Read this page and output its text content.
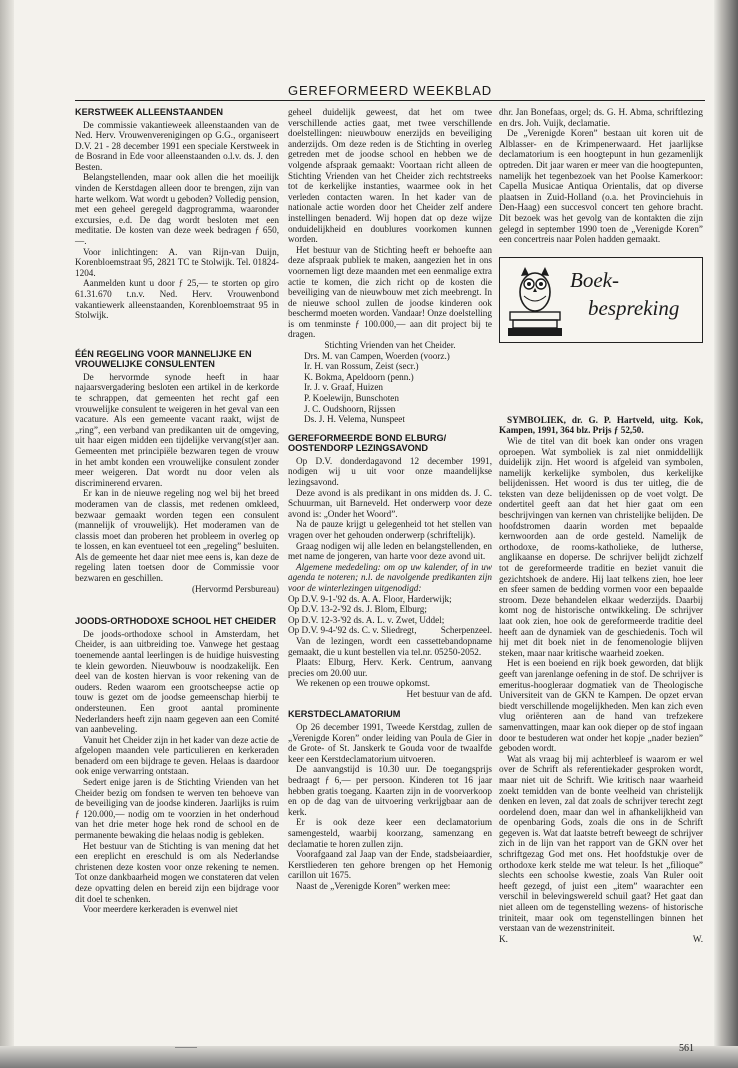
GEREFORMEERD WEEKBLAD
KERSTWEEK ALLEENSTAANDEN

De commissie vakantieweek alleenstaanden van de Ned. Herv. Vrouwenverenigingen op G.G., organiseert D.V. 21 - 28 december 1991 een speciale Kerstweek in de Bosrand in Ede voor alleenstaanden o.l.v. ds. J. den Besten.

Belangstellenden, maar ook allen die het moeilijk vinden de Kerstdagen alleen door te brengen, zijn van harte welkom. Wat wordt u geboden? Volledig pension, met een geheel geregeld dagprogramma, waaronder excursies, e.d. De dag wordt besloten met een meditatie. De kosten van deze week bedragen ƒ 650,—.

Voor inlichtingen: A. van Rijn-van Duijn, Korenbloemstraat 95, 2821 TC te Stolwijk. Tel. 01824-1204.

Aanmelden kunt u door ƒ 25,— te storten op giro 61.31.670 t.n.v. Ned. Herv. Vrouwenbond vakantiewerk alleenstaanden, Korenbloemstraat 95 in Stolwijk.

ÉÉN REGELING VOOR MANNELIJKE EN VROUWELIJKE CONSULENTEN

De hervormde synode heeft in haar najaarsvergadering besloten een artikel in de kerkorde te schrappen, dat gemeenten het recht gaf een vrouwelijke consulent te weigeren in het geval van een vacature. Als een gemeente vacant raakt, wijst de „ring”, een verband van predikanten uit de omgeving, uit haar eigen midden een tijdelijke vervang(st)er aan. Gemeenten met principiële bezwaren tegen de vrouw in het ambt konden een vrouwelijke consulent zonder meer weigeren. Dat wordt nu door velen als discriminerend ervaren.

Er kan in de nieuwe regeling nog wel bij het breed moderamen van de classis, met redenen omkleed, bezwaar gemaakt worden tegen een consulent (mannelijk of vrouwelijk). Het moderamen van de classis moet dan proberen het probleem in overleg op te lossen, en kan eventueel tot een „regeling” besluiten. Als de gemeente het daar niet mee eens is, kan deze de regeling laten toetsen door de Commissie voor bezwaren en geschillen.

(Hervormd Persbureau)

JOODS-ORTHODOXE SCHOOL HET CHEIDER

De joods-orthodoxe school in Amsterdam, het Cheider, is aan uitbreiding toe. Vanwege het gestaag toenemende aantal leerlingen is de huidige huisvesting te klein geworden. Nieuwbouw is noodzakelijk. Een deel van de kosten hiervan is voor rekening van de ouders. Reden waarom een grootscheepse actie op touw is gezet om de joodse gemeenschap hierbij te ondersteunen. Een groot aantal prominente Nederlanders heeft zijn naam gegeven aan een Comité van aanbeveling.

Vanuit het Cheider zijn in het kader van deze actie de afgelopen maanden vele particulieren en kerkeraden benaderd om een bijdrage te geven. Helaas is daardoor ook enige verwarring ontstaan.

Sedert enige jaren is de Stichting Vrienden van het Cheider bezig om fondsen te werven ten behoeve van de beveiliging van de joodse kinderen. Jaarlijks is ruim ƒ 120.000,— nodig om te voorzien in het onderhoud van het drie meter hoge hek rond de school en de permanente bewaking die helaas nodig is gebleken.

Het bestuur van de Stichting is van mening dat het een ereplicht en ereschuld is om als Nederlandse christenen deze kosten voor onze rekening te nemen. Tot onze dankbaarheid mogen we constateren dat velen deze opvatting delen en bereid zijn een bijdrage voor dit doel te schenken.

Voor meerdere kerkeraden is evenwel niet

geheel duidelijk geweest, dat het om twee verschillende acties gaat, met twee verschillende doelstellingen: nieuwbouw enerzijds en beveiliging anderzijds. Om deze reden is de Stichting in overleg getreden met de joodse school en hebben we de volgende afspraak gemaakt: Voortaan richt alleen de Stichting Vrienden van het Cheider zich rechtstreeks tot de kerkelijke instanties, waarmee ook in het verleden contacten waren. In het kader van de nationale actie worden door het Cheider zelf andere instellingen benaderd. Wij hopen dat op deze wijze onduidelijkheid en doublures voorkomen kunnen worden.

Het bestuur van de Stichting heeft er behoefte aan deze afspraak publiek te maken, aangezien het in ons voornemen ligt deze maanden met een eenmalige extra actie te komen, die zich richt op de kosten die beveiliging van de nieuwbouw met zich meebrengt. In de nieuwe school zullen de joodse kinderen ook beschermd moeten worden. Vandaar! Onze doelstelling is om tenminste ƒ 100.000,— aan dit project bij te dragen.

Stichting Vrienden van het Cheider.

Drs. M. van Campen, Woerden (voorz.)
Ir. H. van Rossum, Zeist (secr.)
K. Bokma, Apeldoorn (penn.)
Ir. J. v. Graaf, Huizen
P. Koelewijn, Bunschoten
J. C. Oudshoorn, Rijssen
Ds. J. H. Velema, Nunspeet
GEREFORMEERDE BOND ELBURG/ OOSTENDORP LEZINGSAVOND

Op D.V. donderdagavond 12 december 1991, nodigen wij u uit voor onze maandelijkse lezingsavond.

Deze avond is als predikant in ons midden ds. J. C. Schuurman, uit Barneveld. Het onderwerp voor deze avond is: „Onder het Woord”.

Na de pauze krijgt u gelegenheid tot het stellen van vragen over het gehouden onderwerp (schriftelijk).

Graag nodigen wij alle leden en belangstellenden, en met name de jongeren, van harte voor deze avond uit.

Algemene mededeling: om op uw kalender, of in uw agenda te noteren; n.l. de navolgende predikanten zijn voor de winterlezingen uitgenodigd:

Op D.V. 9-1-'92 ds. A. A. Floor, Harderwijk;
Op D.V. 13-2-'92 ds. J. Blom, Elburg;
Op D.V. 12-3-'92 ds. A. L. v. Zwet, Uddel;
Op D.V. 9-4-'92 ds. C. v. Sliedregt,	Scherpenzeel.

Van de lezingen, wordt een cassettebandopname gemaakt, die u kunt bestellen via tel.nr. 05250-2052.

Plaats: Elburg, Herv. Kerk. Centrum, aanvang precies om 20.00 uur.

We rekenen op een trouwe opkomst.

Het bestuur van de afd.

KERSTDECLAMATORIUM

Op 26 december 1991, Tweede Kerstdag, zullen de „Verenigde Koren” onder leiding van Poula de Gier in de Grote- of St. Janskerk te Gouda voor de twaalfde keer een Kerstdeclamatorium uitvoeren.

De aanvangstijd is 10.30 uur. De toegangsprijs bedraagt ƒ 6,— per persoon. Kinderen tot 16 jaar hebben gratis toegang. Kaarten zijn in de voorverkoop en op de dag van de uitvoering verkrijgbaar aan de kerk.

Er is ook deze keer een declamatorium samengesteld, waarbij koorzang, samenzang en declamatie te horen zullen zijn.

Voorafgaand zal Jaap van der Ende, stadsbeiaardier, Kerstliederen ten gehore brengen op het Hemonig carillon uit 1675.

Naast de „Verenigde Koren” werken mee:

dhr. Jan Bonefaas, orgel; ds. G. H. Abma, schriftlezing en drs. Joh. Vuijk, declamatie.

De „Verenigde Koren” bestaan uit koren uit de Alblasser- en de Krimpenerwaard. Het jaarlijkse declamatorium is een hoogtepunt in hun gezamenlijk optreden. Dit jaar waren er meer van die hoogtepunten, namelijk het tegenbezoek van het Poolse Kamerkoor: Capella Musicae Antiqua Orientalis, dat op diverse plaatsen in Zuid-Holland (o.a. het Provinciehuis in Den-Haag) een succesvol concert ten gehore bracht. Dit bezoek was het gevolg van de kontakten die zijn gelegd in september 1990 toen de „Verenigde Koren” een concertreis naar Polen hadden gemaakt.

Boek-
bespreking

SYMBOLIEK, dr. G. P. Hartveld, uitg. Kok, Kampen, 1991, 364 blz. Prijs ƒ 52,50.

Wie de titel van dit boek kan onder ons vragen oproepen. Wat symboliek is zal niet onmiddellijk duidelijk zijn. Het woord is afgeleid van symbolen, namelijk kerkelijke symbolen, dus kerkelijke belijdenissen. Het woord is dus ter uitleg, die de teksten van deze belijdenissen op de voet volgt. De ondertitel geeft aan dat het hier gaat om een beschrijvingen van kernen van christelijke belijden. De hoofdstromen daarin worden met bepaalde kernwoorden aan de orde gesteld. Namelijk de orthodoxe, de rooms-katholieke, de lutherse, anglikaanse en doperse. De schrijver belijdt zichzelf tot de gereformeerde traditie en beziet vanuit die gezichtshoek de andere. Hij laat telkens zien, hoe leer en sfeer samen de bedding vormen voor een bepaalde stroom. Deze behandelen elkaar wederzijds. Daarbij komt nog de historische ontwikkeling. De schrijver laat ook zien, hoe ook de gereformeerde traditie deel heeft aan de dynamiek van de geschiedenis. Toch wil hij met dit boek niet in de fenomenologie blijven steken, maar naar kritische waarheid zoeken.

Het is een boeiend en rijk boek geworden, dat blijk geeft van jarenlange oefening in de stof. De schrijver is emeritus-hoogleraar dogmatiek van de Theologische Universiteit van de GKN te Kampen. De opzet ervan biedt verschillende mogelijkheden. Men kan zich even vlug oriënteren aan de hand van trefzekere samenvattingen, maar kan ook dieper op de stof ingaan door te bestuderen wat onder het kopje „nader bezien” geboden wordt.

Wat als vraag bij mij achterbleef is waarom er wel over de Schrift als referentiekader gesproken wordt, maar niet uit de Schrift. Wie kritisch naar waarheid zoekt temidden van de bonte veelheid van christelijk denken en leven, zal dat zoals de schrijver terecht zegt oordelend doen, maar dan wel in afhankelijkheid van de openbaring Gods, zoals die ons in de Schrift gegeven is. Wat dat laatste betreft beweegt de schrijver zich in de lijn van het rapport van de GKN over het schriftgezag God met ons. Het hoofdstukje over de orthodoxe kerk stelde me wat teleur. Is het „filioque” slechts een schoolse kwestie, zoals Van Ruler ooit heeft gezegd, of juist een „item” waarachter een verschil in belevingswereld schuil gaat? Het gaat dan niet alleen om de tegenstelling wezens- of historische triniteit, maar ook om tegenstellingen binnen het verstaan van de wezenstriniteit.

K.	W.
561
